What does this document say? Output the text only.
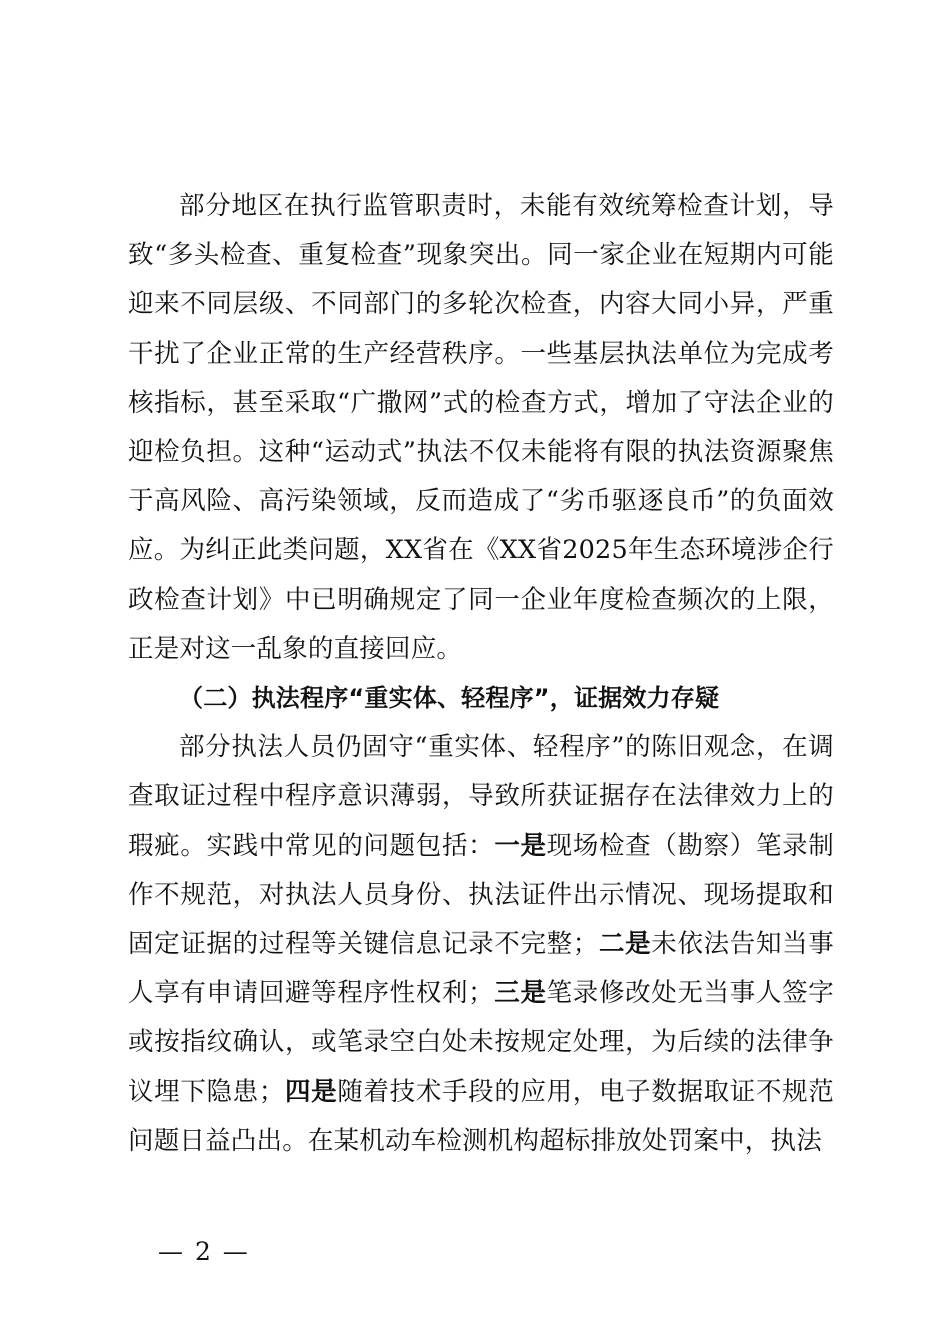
部分地区在执行监管职责时，未能有效统筹检查计划，导致“多头检查、重复检查”现象突出。同一家企业在短期内可能迎来不同层级、不同部门的多轮次检查，内容大同小异，严重干扰了企业正常的生产经营秩序。一些基层执法单位为完成考核指标，甚至采取“广撒网”式的检查方式，增加了守法企业的迎检负担。这种“运动式”执法不仅未能将有限的执法资源聚焦于高风险、高污染领域，反而造成了“劣币驱逐良币”的负面效应。为纠正此类问题，XX省在《XX省2025年生态环境涉企行政检查计划》中已明确规定了同一企业年度检查频次的上限，正是对这一乱象的直接回应。

（二）执法程序“重实体、轻程序”，证据效力存疑

部分执法人员仍固守“重实体、轻程序”的陈旧观念，在调查取证过程中程序意识薄弱，导致所获证据存在法律效力上的瑕疵。实践中常见的问题包括：一是现场检查（勘察）笔录制作不规范，对执法人员身份、执法证件出示情况、现场提取和固定证据的过程等关键信息记录不完整；二是未依法告知当事人享有申请回避等程序性权利；三是笔录修改处无当事人签字或按指纹确认，或笔录空白处未按规定处理，为后续的法律争议埋下隐患；四是随着技术手段的应用，电子数据取证不规范问题日益凸出。在某机动车检测机构超标排放处罚案中，执法

— 2 —
